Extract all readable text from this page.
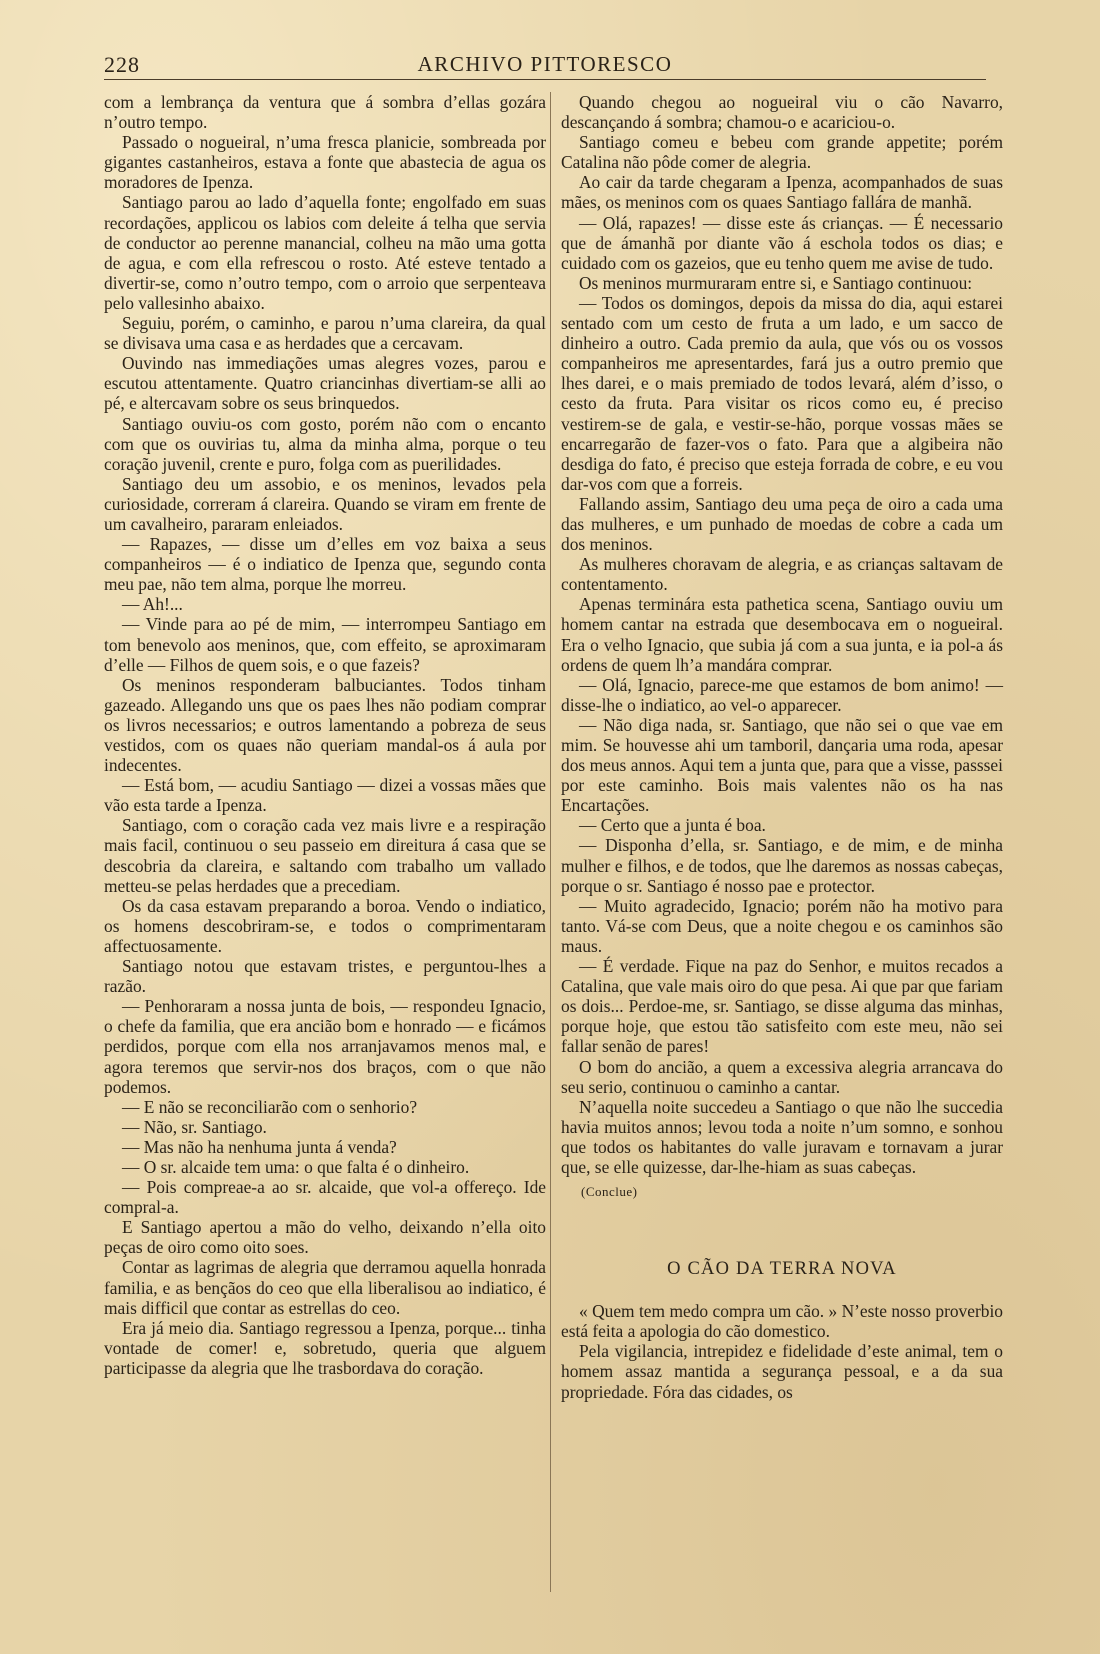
228	ARCHIVO PITTORESCO

com a lembrança da ventura que á sombra d’ellas gozára n’outro tempo.

Passado o nogueiral, n’uma fresca planicie, sombreada por gigantes castanheiros, estava a fonte que abastecia de agua os moradores de Ipenza.

Santiago parou ao lado d’aquella fonte; engolfado em suas recordações, applicou os labios com deleite á telha que servia de conductor ao perenne manancial, colheu na mão uma gotta de agua, e com ella refrescou o rosto. Até esteve tentado a divertir-se, como n’outro tempo, com o arroio que serpenteava pelo vallesinho abaixo.

Seguiu, porém, o caminho, e parou n’uma clareira, da qual se divisava uma casa e as herdades que a cercavam.

Ouvindo nas immediações umas alegres vozes, parou e escutou attentamente. Quatro criancinhas divertiam-se alli ao pé, e altercavam sobre os seus brinquedos.

Santiago ouviu-os com gosto, porém não com o encanto com que os ouvirias tu, alma da minha alma, porque o teu coração juvenil, crente e puro, folga com as puerilidades.

Santiago deu um assobio, e os meninos, levados pela curiosidade, correram á clareira. Quando se viram em frente de um cavalheiro, pararam enleiados.

— Rapazes, — disse um d’elles em voz baixa a seus companheiros — é o indiatico de Ipenza que, segundo conta meu pae, não tem alma, porque lhe morreu.

— Ah!...

— Vinde para ao pé de mim, — interrompeu Santiago em tom benevolo aos meninos, que, com effeito, se aproximaram d’elle — Filhos de quem sois, e o que fazeis?

Os meninos responderam balbuciantes. Todos tinham gazeado. Allegando uns que os paes lhes não podiam comprar os livros necessarios; e outros lamentando a pobreza de seus vestidos, com os quaes não queriam mandal-os á aula por indecentes.

— Está bom, — acudiu Santiago — dizei a vossas mães que vão esta tarde a Ipenza.

Santiago, com o coração cada vez mais livre e a respiração mais facil, continuou o seu passeio em direitura á casa que se descobria da clareira, e saltando com trabalho um vallado metteu-se pelas herdades que a precediam.

Os da casa estavam preparando a boroa. Vendo o indiatico, os homens descobriram-se, e todos o comprimentaram affectuosamente.

Santiago notou que estavam tristes, e perguntou-lhes a razão.

— Penhoraram a nossa junta de bois, — respondeu Ignacio, o chefe da familia, que era ancião bom e honrado — e ficámos perdidos, porque com ella nos arranjavamos menos mal, e agora teremos que servir-nos dos braços, com o que não podemos.

— E não se reconciliarão com o senhorio?

— Não, sr. Santiago.

— Mas não ha nenhuma junta á venda?

— O sr. alcaide tem uma: o que falta é o dinheiro.

— Pois compreae-a ao sr. alcaide, que vol-a offereço. Ide compral-a.

E Santiago apertou a mão do velho, deixando n’ella oito peças de oiro como oito soes.

Contar as lagrimas de alegria que derramou aquella honrada familia, e as bençãos do ceo que ella liberalisou ao indiatico, é mais difficil que contar as estrellas do ceo.

Era já meio dia. Santiago regressou a Ipenza, porque... tinha vontade de comer! e, sobretudo, queria que alguem participasse da alegria que lhe trasbordava do coração.

Quando chegou ao nogueiral viu o cão Navarro, descançando á sombra; chamou-o e acariciou-o.

Santiago comeu e bebeu com grande appetite; porém Catalina não pôde comer de alegria.

Ao cair da tarde chegaram a Ipenza, acompanhados de suas mães, os meninos com os quaes Santiago fallára de manhã.

— Olá, rapazes! — disse este ás crianças. — É necessario que de ámanhã por diante vão á eschola todos os dias; e cuidado com os gazeios, que eu tenho quem me avise de tudo.

Os meninos murmuraram entre si, e Santiago continuou:

— Todos os domingos, depois da missa do dia, aqui estarei sentado com um cesto de fruta a um lado, e um sacco de dinheiro a outro. Cada premio da aula, que vós ou os vossos companheiros me apresentardes, fará jus a outro premio que lhes darei, e o mais premiado de todos levará, além d’isso, o cesto da fruta. Para visitar os ricos como eu, é preciso vestirem-se de gala, e vestir-se-hão, porque vossas mães se encarregarão de fazer-vos o fato. Para que a algibeira não desdiga do fato, é preciso que esteja forrada de cobre, e eu vou dar-vos com que a forreis.

Fallando assim, Santiago deu uma peça de oiro a cada uma das mulheres, e um punhado de moedas de cobre a cada um dos meninos.

As mulheres choravam de alegria, e as crianças saltavam de contentamento.

Apenas terminára esta pathetica scena, Santiago ouviu um homem cantar na estrada que desembocava em o nogueiral. Era o velho Ignacio, que subia já com a sua junta, e ia pol-a ás ordens de quem lh’a mandára comprar.

— Olá, Ignacio, parece-me que estamos de bom animo! — disse-lhe o indiatico, ao vel-o apparecer.

— Não diga nada, sr. Santiago, que não sei o que vae em mim. Se houvesse ahi um tamboril, dançaria uma roda, apesar dos meus annos. Aqui tem a junta que, para que a visse, passsei por este caminho. Bois mais valentes não os ha nas Encartações.

— Certo que a junta é boa.

— Disponha d’ella, sr. Santiago, e de mim, e de minha mulher e filhos, e de todos, que lhe daremos as nossas cabeças, porque o sr. Santiago é nosso pae e protector.

— Muito agradecido, Ignacio; porém não ha motivo para tanto. Vá-se com Deus, que a noite chegou e os caminhos são maus.

— É verdade. Fique na paz do Senhor, e muitos recados a Catalina, que vale mais oiro do que pesa. Ai que par que fariam os dois... Perdoe-me, sr. Santiago, se disse alguma das minhas, porque hoje, que estou tão satisfeito com este meu, não sei fallar senão de pares!

O bom do ancião, a quem a excessiva alegria arrancava do seu serio, continuou o caminho a cantar.

N’aquella noite succedeu a Santiago o que não lhe succedia havia muitos annos; levou toda a noite n’um somno, e sonhou que todos os habitantes do valle juravam e tornavam a jurar que, se elle quizesse, dar-lhe-hiam as suas cabeças.

(Conclue)
O CÃO DA TERRA NOVA

« Quem tem medo compra um cão. » N’este nosso proverbio está feita a apologia do cão domestico.

Pela vigilancia, intrepidez e fidelidade d’este animal, tem o homem assaz mantida a segurança pessoal, e a da sua propriedade. Fóra das cidades, os
